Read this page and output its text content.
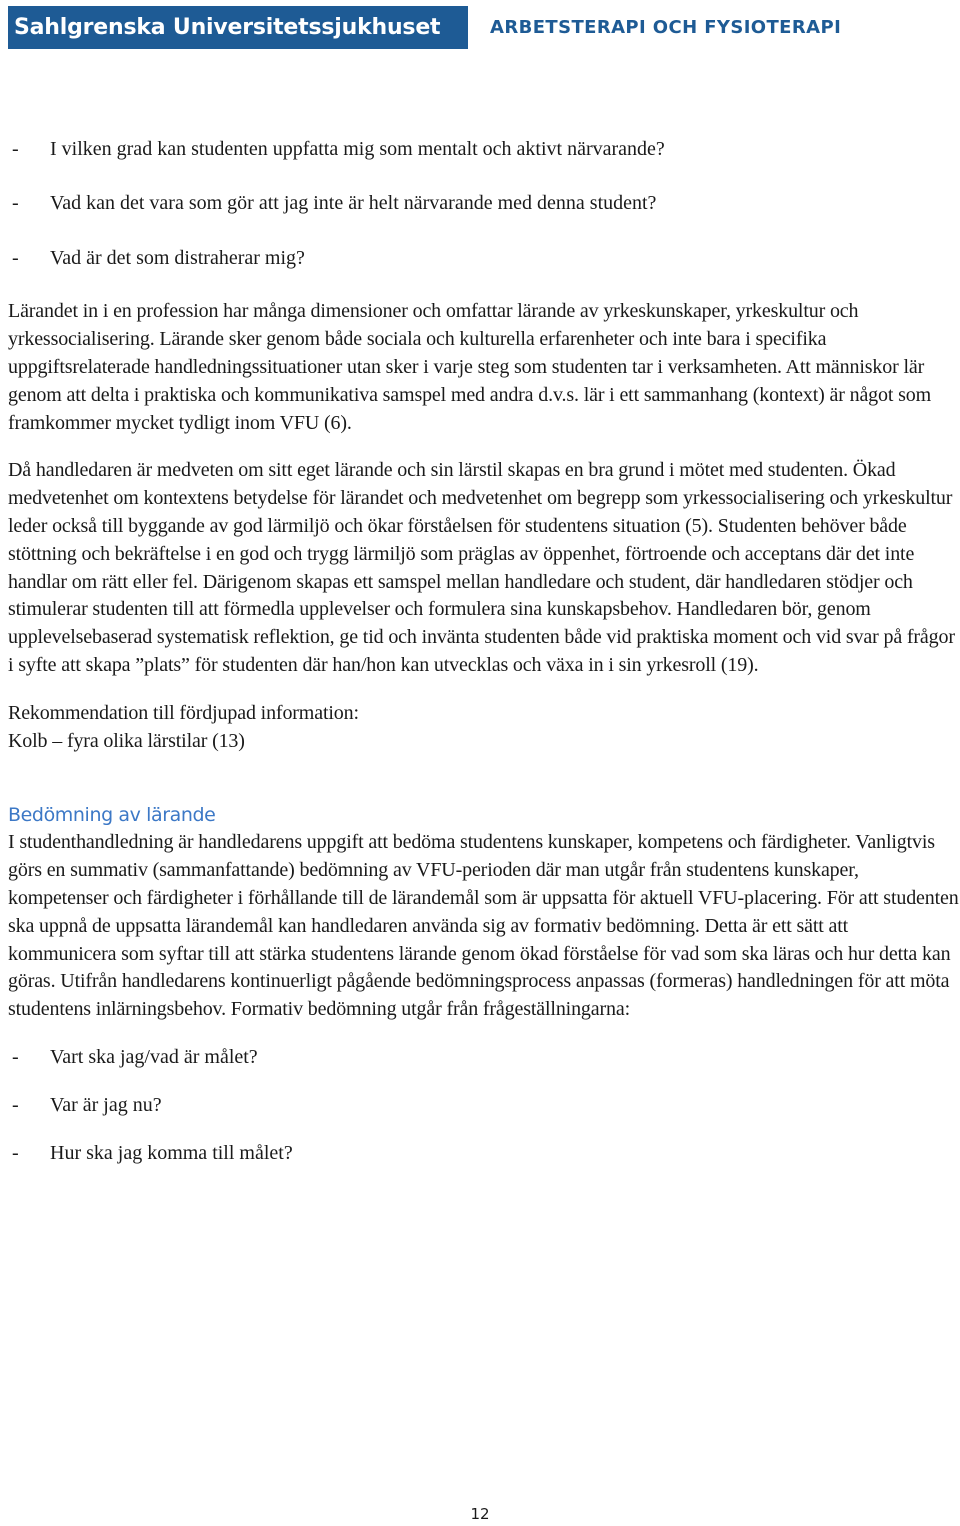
Sahlgrenska Universitetssjukhuset	ARBETSTERAPI OCH FYSIOTERAPI
-	I vilken grad kan studenten uppfatta mig som mentalt och aktivt närvarande?
-	Vad kan det vara som gör att jag inte är helt närvarande med denna student?
-	Vad är det som distraherar mig?

Lärandet in i en profession har många dimensioner och omfattar lärande av yrkeskunskaper, yrkeskultur och yrkessocialisering. Lärande sker genom både sociala och kulturella erfarenheter och inte bara i specifika uppgiftsrelaterade handledningssituationer utan sker i varje steg som studenten tar i verksamheten. Att människor lär genom att delta i praktiska och kommunikativa samspel med andra d.v.s. lär i ett sammanhang (kontext) är något som framkommer mycket tydligt inom VFU (6).

Då handledaren är medveten om sitt eget lärande och sin lärstil skapas en bra grund i mötet med studenten. Ökad medvetenhet om kontextens betydelse för lärandet och medvetenhet om begrepp som yrkessocialisering och yrkeskultur leder också till byggande av god lärmiljö och ökar förståelsen för studentens situation (5). Studenten behöver både stöttning och bekräftelse i en god och trygg lärmiljö som präglas av öppenhet, förtroende och acceptans där det inte handlar om rätt eller fel. Därigenom skapas ett samspel mellan handledare och student, där handledaren stödjer och stimulerar studenten till att förmedla upplevelser och formulera sina kunskapsbehov. Handledaren bör, genom upplevelsebaserad systematisk reflektion, ge tid och invänta studenten både vid praktiska moment och vid svar på frågor i syfte att skapa ”plats” för studenten där han/hon kan utvecklas och växa in i sin yrkesroll (19).

Rekommendation till fördjupad information:

Kolb – fyra olika lärstilar (13)

Bedömning av lärande

I studenthandledning är handledarens uppgift att bedöma studentens kunskaper, kompetens och färdigheter. Vanligtvis görs en summativ (sammanfattande) bedömning av VFU-perioden där man utgår från studentens kunskaper, kompetenser och färdigheter i förhållande till de lärandemål som är uppsatta för aktuell VFU-placering. För att studenten ska uppnå de uppsatta lärandemål kan handledaren använda sig av formativ bedömning. Detta är ett sätt att kommunicera som syftar till att stärka studentens lärande genom ökad förståelse för vad som ska läras och hur detta kan göras. Utifrån handledarens kontinuerligt pågående bedömningsprocess anpassas (formeras) handledningen för att möta studentens inlärningsbehov. Formativ bedömning utgår från frågeställningarna:

-	Vart ska jag/vad är målet?
-	Var är jag nu?
-	Hur ska jag komma till målet?
12
